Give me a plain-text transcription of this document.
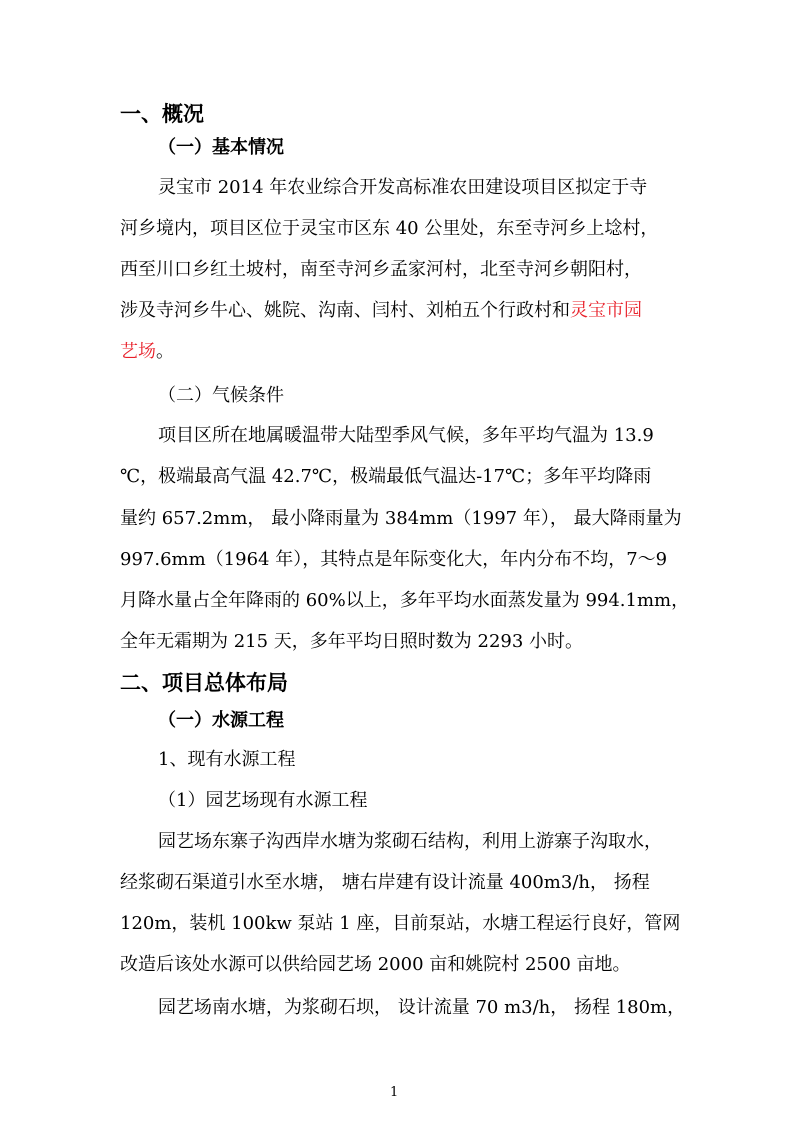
一、概况
（一）基本情况
灵宝市 2014 年农业综合开发高标准农田建设项目区拟定于寺
河乡境内，项目区位于灵宝市区东 40 公里处，东至寺河乡上埝村，
西至川口乡红土坡村，南至寺河乡孟家河村，北至寺河乡朝阳村，
涉及寺河乡牛心、姚院、沟南、闫村、刘柏五个行政村和灵宝市园
艺场。
（二）气候条件
项目区所在地属暖温带大陆型季风气候，多年平均气温为 13.9
℃，极端最高气温 42.7℃，极端最低气温达-17℃；多年平均降雨
量约 657.2mm， 最小降雨量为 384mm（1997 年）， 最大降雨量为
997.6mm（1964 年），其特点是年际变化大，年内分布不均，7～9
月降水量占全年降雨的 60%以上，多年平均水面蒸发量为 994.1mm，
全年无霜期为 215 天，多年平均日照时数为 2293 小时。
二、项目总体布局
（一）水源工程
1、现有水源工程
（1）园艺场现有水源工程
园艺场东寨子沟西岸水塘为浆砌石结构，利用上游寨子沟取水，
经浆砌石渠道引水至水塘， 塘右岸建有设计流量 400m3/h， 扬程
120m，装机 100kw 泵站 1 座，目前泵站，水塘工程运行良好，管网
改造后该处水源可以供给园艺场 2000 亩和姚院村 2500 亩地。
园艺场南水塘，为浆砌石坝， 设计流量 70 m3/h， 扬程 180m，
1
